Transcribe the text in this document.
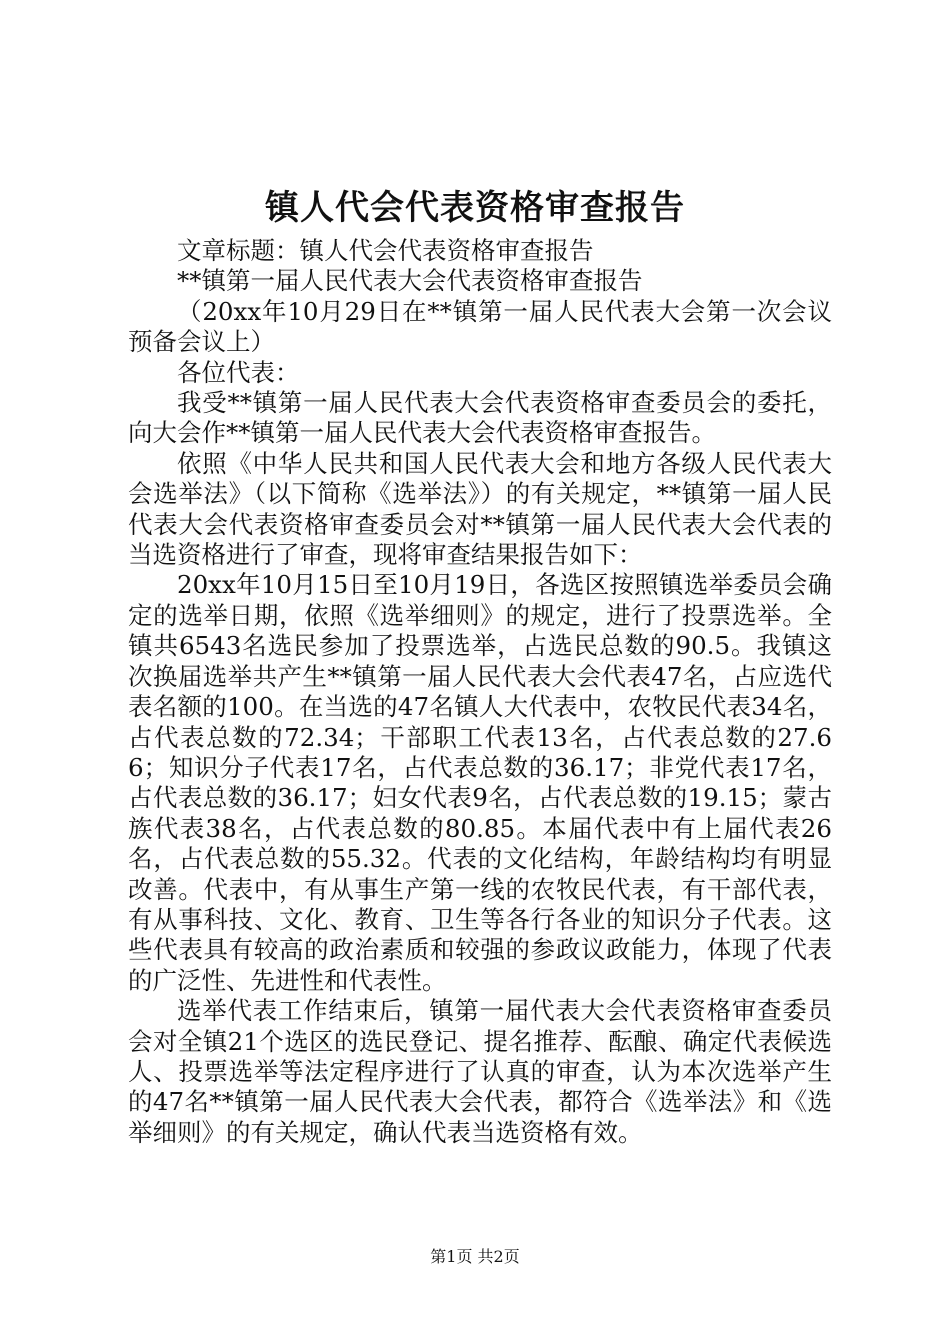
镇人代会代表资格审查报告

文章标题：镇人代会代表资格审查报告

**镇第一届人民代表大会代表资格审查报告

（20xx年10月29日在**镇第一届人民代表大会第一次会议预备会议上）

各位代表：

我受**镇第一届人民代表大会代表资格审查委员会的委托，向大会作**镇第一届人民代表大会代表资格审查报告。

依照《中华人民共和国人民代表大会和地方各级人民代表大会选举法》（以下简称《选举法》）的有关规定，**镇第一届人民代表大会代表资格审查委员会对**镇第一届人民代表大会代表的当选资格进行了审查，现将审查结果报告如下：

20xx年10月15日至10月19日，各选区按照镇选举委员会确定的选举日期，依照《选举细则》的规定，进行了投票选举。全镇共6543名选民参加了投票选举，占选民总数的90.5。我镇这次换届选举共产生**镇第一届人民代表大会代表47名，占应选代表名额的100。在当选的47名镇人大代表中，农牧民代表34名，占代表总数的72.34；干部职工代表13名，占代表总数的27.66；知识分子代表17名，占代表总数的36.17；非党代表17名，占代表总数的36.17；妇女代表9名，占代表总数的19.15；蒙古族代表38名，占代表总数的80.85。本届代表中有上届代表26名，占代表总数的55.32。代表的文化结构，年龄结构均有明显改善。代表中，有从事生产第一线的农牧民代表，有干部代表，有从事科技、文化、教育、卫生等各行各业的知识分子代表。这些代表具有较高的政治素质和较强的参政议政能力，体现了代表的广泛性、先进性和代表性。

选举代表工作结束后，镇第一届代表大会代表资格审查委员会对全镇21个选区的选民登记、提名推荐、酝酿、确定代表候选人、投票选举等法定程序进行了认真的审查，认为本次选举产生的47名**镇第一届人民代表大会代表，都符合《选举法》和《选举细则》的有关规定，确认代表当选资格有效。

第1页 共2页
